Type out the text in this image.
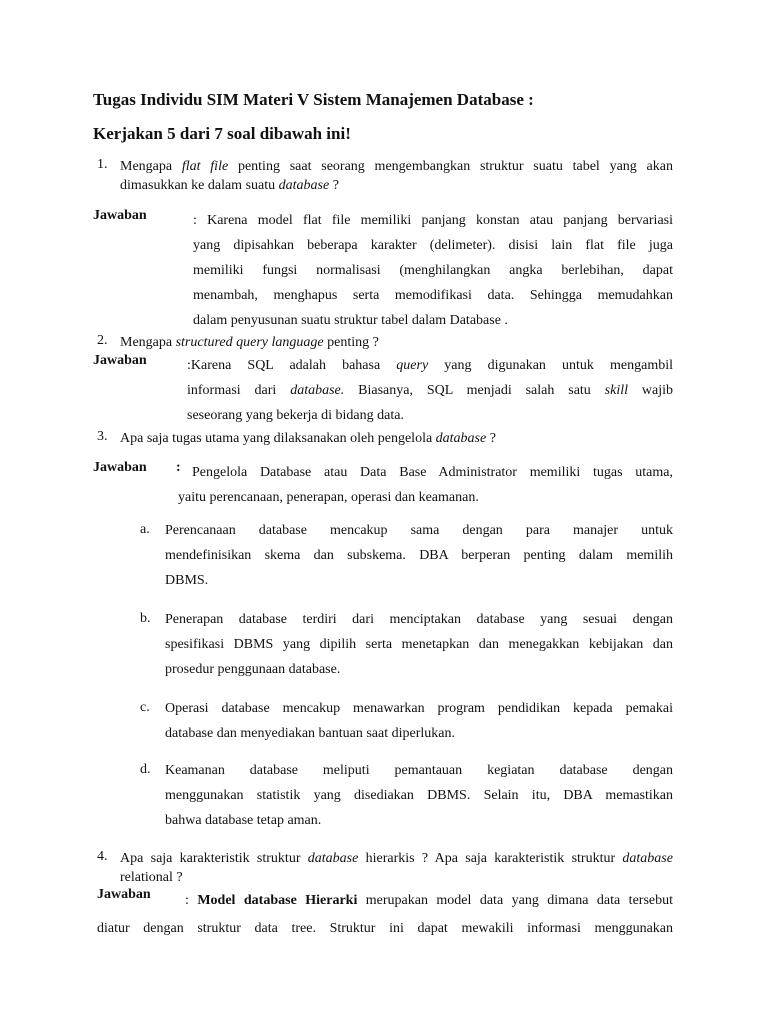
Tugas Individu SIM Materi V Sistem Manajemen Database :
Kerjakan 5 dari 7 soal dibawah ini!
1. Mengapa flat file penting saat seorang mengembangkan struktur suatu tabel yang akan dimasukkan ke dalam suatu database ?
Jawaban	: Karena model flat file memiliki panjang konstan atau panjang bervariasi
yang dipisahkan beberapa karakter (delimeter). disisi lain flat file juga
memiliki fungsi normalisasi (menghilangkan angka berlebihan, dapat
menambah, menghapus serta memodifikasi data. Sehingga memudahkan
dalam penyusunan suatu struktur tabel dalam Database .
2. Mengapa structured query language penting ?
Jawaban	:Karena SQL adalah bahasa query yang digunakan untuk mengambil
informasi dari database. Biasanya, SQL menjadi salah satu skill wajib
seseorang yang bekerja di bidang data.
3. Apa saja tugas utama yang dilaksanakan oleh pengelola database ?
Jawaban : Pengelola Database atau Data Base Administrator memiliki tugas utama,
yaitu perencanaan, penerapan, operasi dan keamanan.
a. Perencanaan database mencakup sama dengan para manajer untuk
mendefinisikan skema dan subskema. DBA berperan penting dalam memilih
DBMS.
b. Penerapan database terdiri dari menciptakan database yang sesuai dengan
spesifikasi DBMS yang dipilih serta menetapkan dan menegakkan kebijakan dan
prosedur penggunaan database.
c. Operasi database mencakup menawarkan program pendidikan kepada pemakai
database dan menyediakan bantuan saat diperlukan.
d. Keamanan database meliputi pemantauan kegiatan database dengan
menggunakan statistik yang disediakan DBMS. Selain itu, DBA memastikan
bahwa database tetap aman.
4. Apa saja karakteristik struktur database hierarkis ? Apa saja karakteristik struktur database relational ?
Jawaban	: Model database Hierarki merupakan model data yang dimana data tersebut
diatur dengan struktur data tree. Struktur ini dapat mewakili informasi menggunakan
